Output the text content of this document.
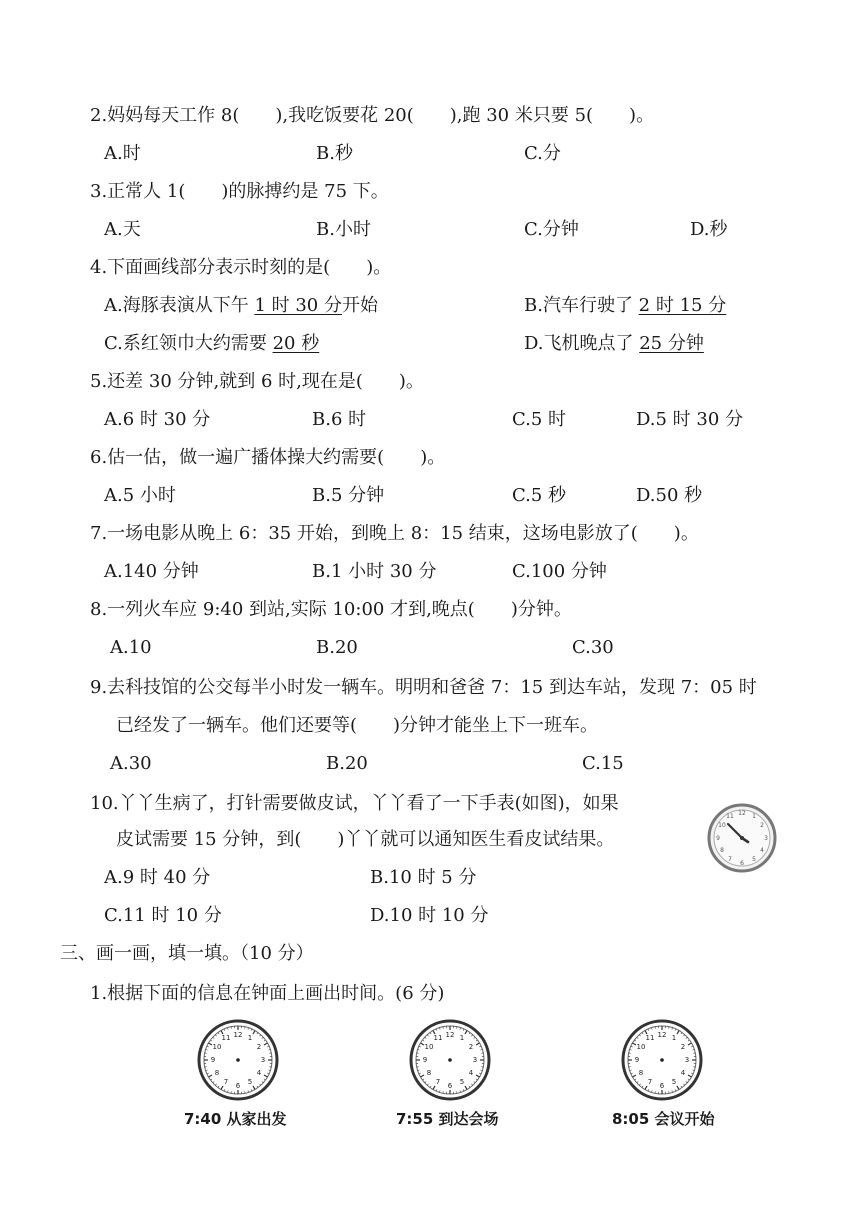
2.妈妈每天工作 8(　　),我吃饭要花 20(　　),跑 30 米只要 5(　　)。
A.时	B.秒	C.分
3.正常人 1(　　)的脉搏约是 75 下。
A.天	B.小时	C.分钟	D.秒
4.下面画线部分表示时刻的是(　　)。
A.海豚表演从下午 1 时 30 分开始	B.汽车行驶了 2 时 15 分
C.系红领巾大约需要 20 秒	D.飞机晚点了 25 分钟
5.还差 30 分钟,就到 6 时,现在是(　　)。
A.6 时 30 分	B.6 时	C.5 时	D.5 时 30 分
6.估一估，做一遍广播体操大约需要(　　)。
A.5 小时	B.5 分钟	C.5 秒	D.50 秒
7.一场电影从晚上 6：35 开始，到晚上 8：15 结束，这场电影放了(　　)。
A.140 分钟	B.1 小时 30 分	C.100 分钟
8.一列火车应 9:40 到站,实际 10:00 才到,晚点(　　)分钟。
A.10	B.20	C.30
9.去科技馆的公交每半小时发一辆车。明明和爸爸 7：15 到达车站，发现 7：05 时
已经发了一辆车。他们还要等(　　)分钟才能坐上下一班车。
A.30	B.20	C.15
10.丫丫生病了，打针需要做皮试，丫丫看了一下手表(如图)，如果
皮试需要 15 分钟，到(　　)丫丫就可以通知医生看皮试结果。
A.9 时 40 分	B.10 时 5 分
C.11 时 10 分	D.10 时 10 分
12 1
2
3
4
5
6
7
8
9
10
11
三、画一画，填一填。（10 分）
1.根据下面的信息在钟面上画出时间。(6 分)
12 1
2
3
4
5
6
7
8
9
10
11	12 1
2
3
4
5
6
7
8
9
10
11	12 1
2
3
4
5
6
7
8
9
10
11
7:40 从家出发	7:55 到达会场	8:05 会议开始
